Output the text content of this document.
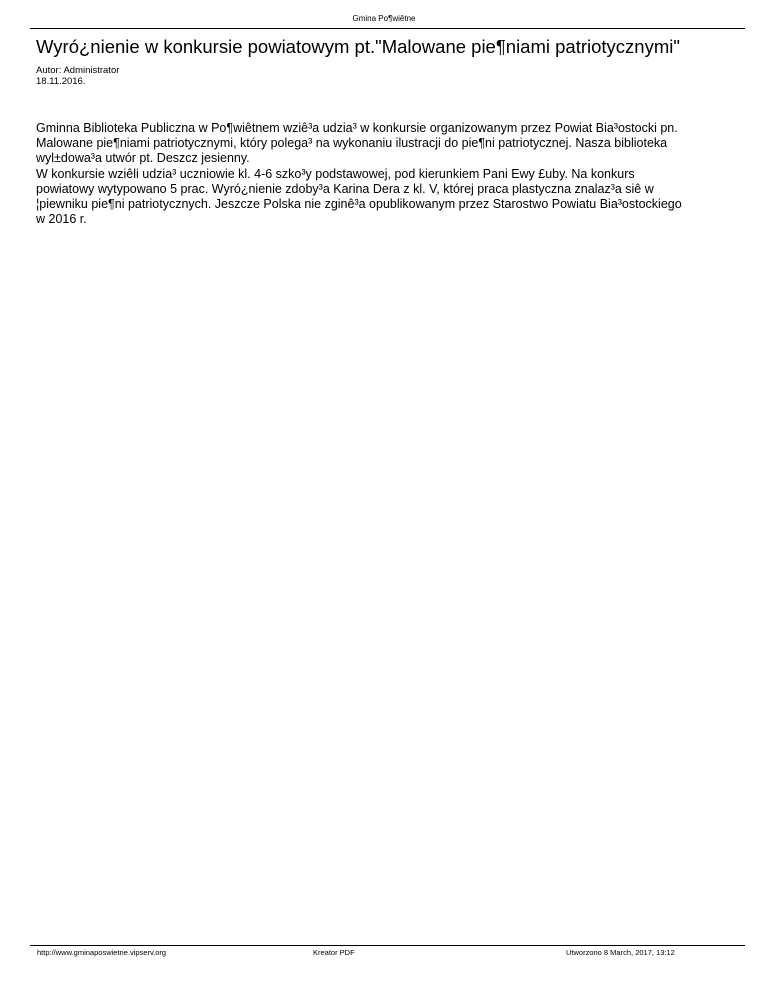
Gmina Po¶wiêtne
Wyró¿nienie w konkursie powiatowym pt."Malowane pie¶niami patriotycznymi"
Autor: Administrator
18.11.2016.
Gminna Biblioteka Publiczna w Po¶wiêtnem wziê³a udzia³ w konkursie organizowanym przez Powiat Bia³ostocki pn.
Malowane pie¶niami patriotycznymi, który polega³ na wykonaniu ilustracji do pie¶ni patriotycznej. Nasza biblioteka
wyl±dowa³a utwór pt. Deszcz jesienny.
W konkursie wziêli udzia³ uczniowie kl. 4-6 szko³y podstawowej, pod kierunkiem Pani Ewy £uby. Na konkurs
powiatowy wytypowano 5 prac. Wyró¿nienie zdoby³a Karina Dera z kl. V, której praca plastyczna znalaz³a siê w
¦piewniku pie¶ni patriotycznych. Jeszcze Polska nie zginê³a opublikowanym przez Starostwo Powiatu Bia³ostockiego
w 2016 r.
http://www.gminaposwietne.vipserv.org	Kreator PDF	Utworzono 8 March, 2017, 13:12
